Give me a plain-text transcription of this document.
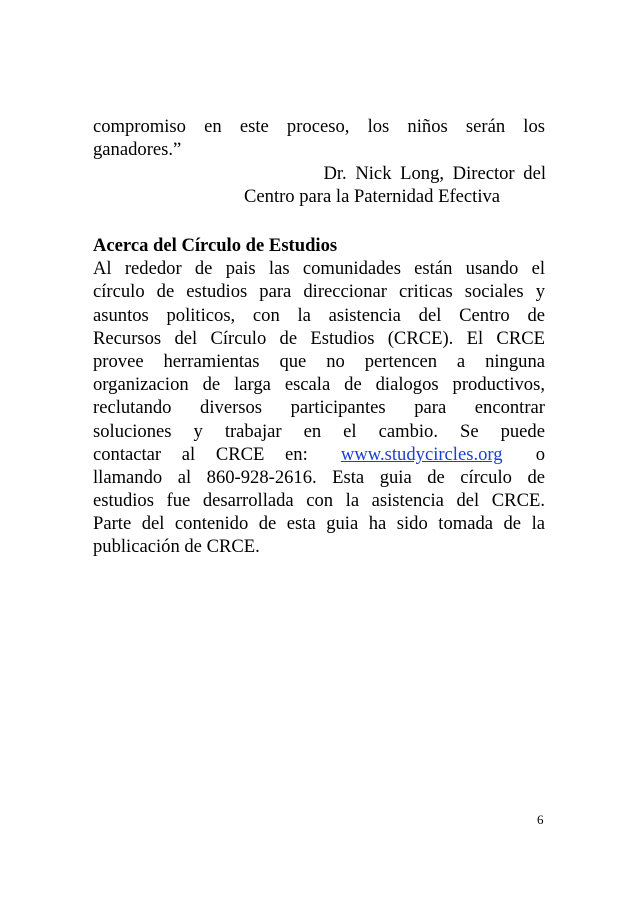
compromiso en este proceso, los niños serán los
ganadores.”
Dr. Nick Long, Director del
Centro para la Paternidad Efectiva
Acerca del Círculo de Estudios
Al rededor de pais las comunidades están usando el
círculo de estudios para direccionar criticas sociales y
asuntos politicos, con la asistencia del Centro de
Recursos del Círculo de Estudios (CRCE). El CRCE
provee herramientas que no pertencen a ninguna
organizacion de larga escala de dialogos productivos,
reclutando diversos participantes para encontrar
soluciones y trabajar en el cambio. Se puede
contactar al CRCE en: www.studycircles.org o
llamando al 860-928-2616. Esta guia de círculo de
estudios fue desarrollada con la asistencia del CRCE.
Parte del contenido de esta guia ha sido tomada de la
publicación de CRCE.
6
